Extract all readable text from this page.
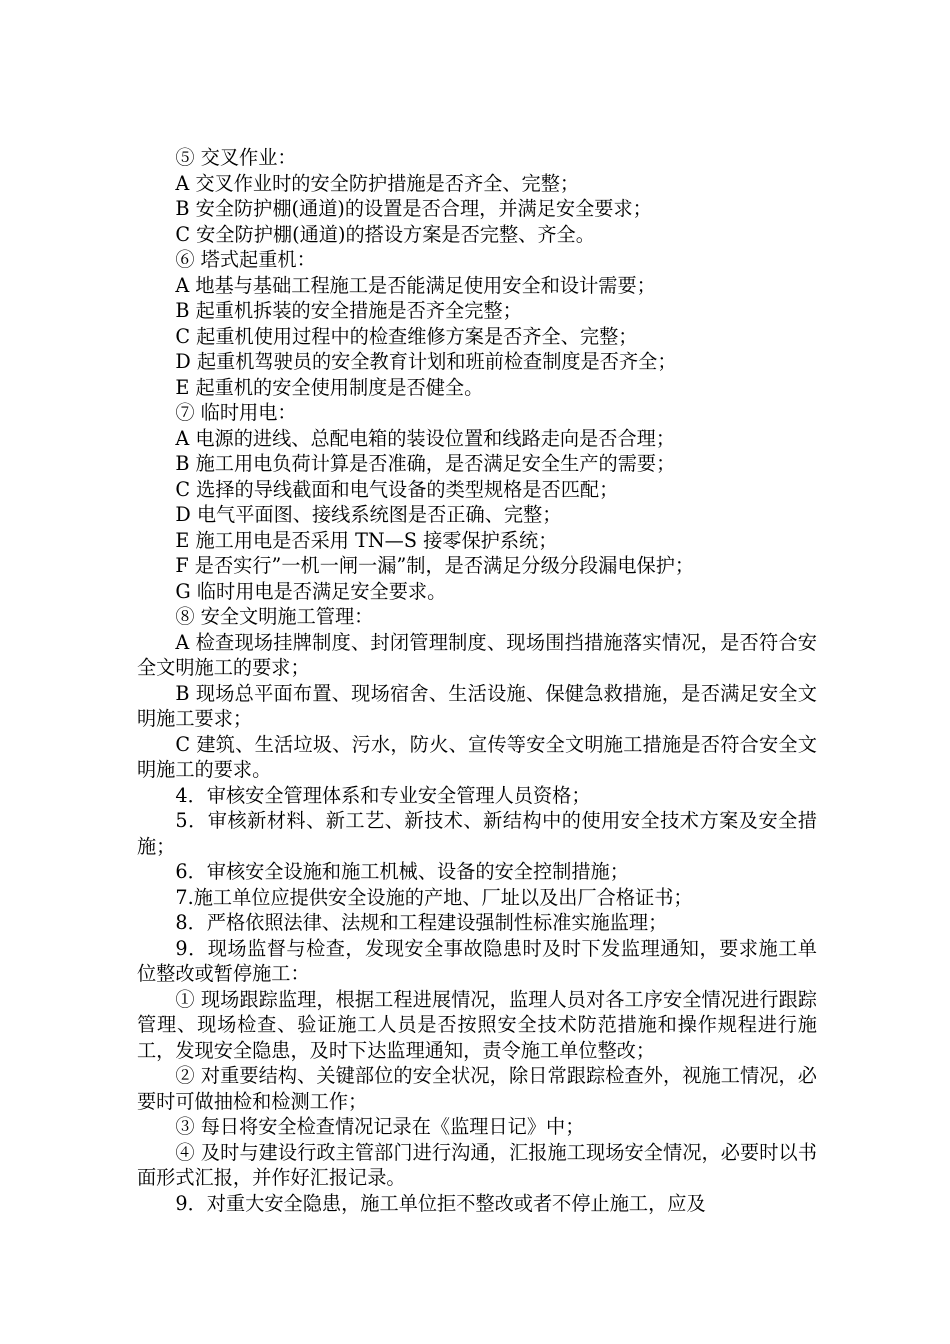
⑤ 交叉作业：

A 交叉作业时的安全防护措施是否齐全、完整；

B 安全防护棚(通道)的设置是否合理，并满足安全要求；

C 安全防护棚(通道)的搭设方案是否完整、齐全。

⑥ 塔式起重机：

A 地基与基础工程施工是否能满足使用安全和设计需要；

B 起重机拆装的安全措施是否齐全完整；

C 起重机使用过程中的检查维修方案是否齐全、完整；

D 起重机驾驶员的安全教育计划和班前检查制度是否齐全；

E 起重机的安全使用制度是否健全。

⑦ 临时用电：

A 电源的进线、总配电箱的装设位置和线路走向是否合理；

B 施工用电负荷计算是否准确，是否满足安全生产的需要；

C 选择的导线截面和电气设备的类型规格是否匹配；

D 电气平面图、接线系统图是否正确、完整；

E 施工用电是否采用 TN—S 接零保护系统；

F 是否实行”一机一闸一漏”制，是否满足分级分段漏电保护；

G 临时用电是否满足安全要求。

⑧ 安全文明施工管理：

A 检查现场挂牌制度、封闭管理制度、现场围挡措施落实情况，是否符合安全文明施工的要求；

B 现场总平面布置、现场宿舍、生活设施、保健急救措施，是否满足安全文明施工要求；

C 建筑、生活垃圾、污水，防火、宣传等安全文明施工措施是否符合安全文明施工的要求。

4．审核安全管理体系和专业安全管理人员资格；

5．审核新材料、新工艺、新技术、新结构中的使用安全技术方案及安全措施；

6．审核安全设施和施工机械、设备的安全控制措施；

7.施工单位应提供安全设施的产地、厂址以及出厂合格证书；

8．严格依照法律、法规和工程建设强制性标准实施监理；

9．现场监督与检查，发现安全事故隐患时及时下发监理通知，要求施工单位整改或暂停施工：

① 现场跟踪监理，根据工程进展情况，监理人员对各工序安全情况进行跟踪管理、现场检查、验证施工人员是否按照安全技术防范措施和操作规程进行施工，发现安全隐患，及时下达监理通知，责令施工单位整改；

② 对重要结构、关键部位的安全状况，除日常跟踪检查外，视施工情况，必要时可做抽检和检测工作；

③ 每日将安全检查情况记录在《监理日记》中；

④ 及时与建设行政主管部门进行沟通，汇报施工现场安全情况，必要时以书面形式汇报，并作好汇报记录。

9．对重大安全隐患，施工单位拒不整改或者不停止施工，应及
